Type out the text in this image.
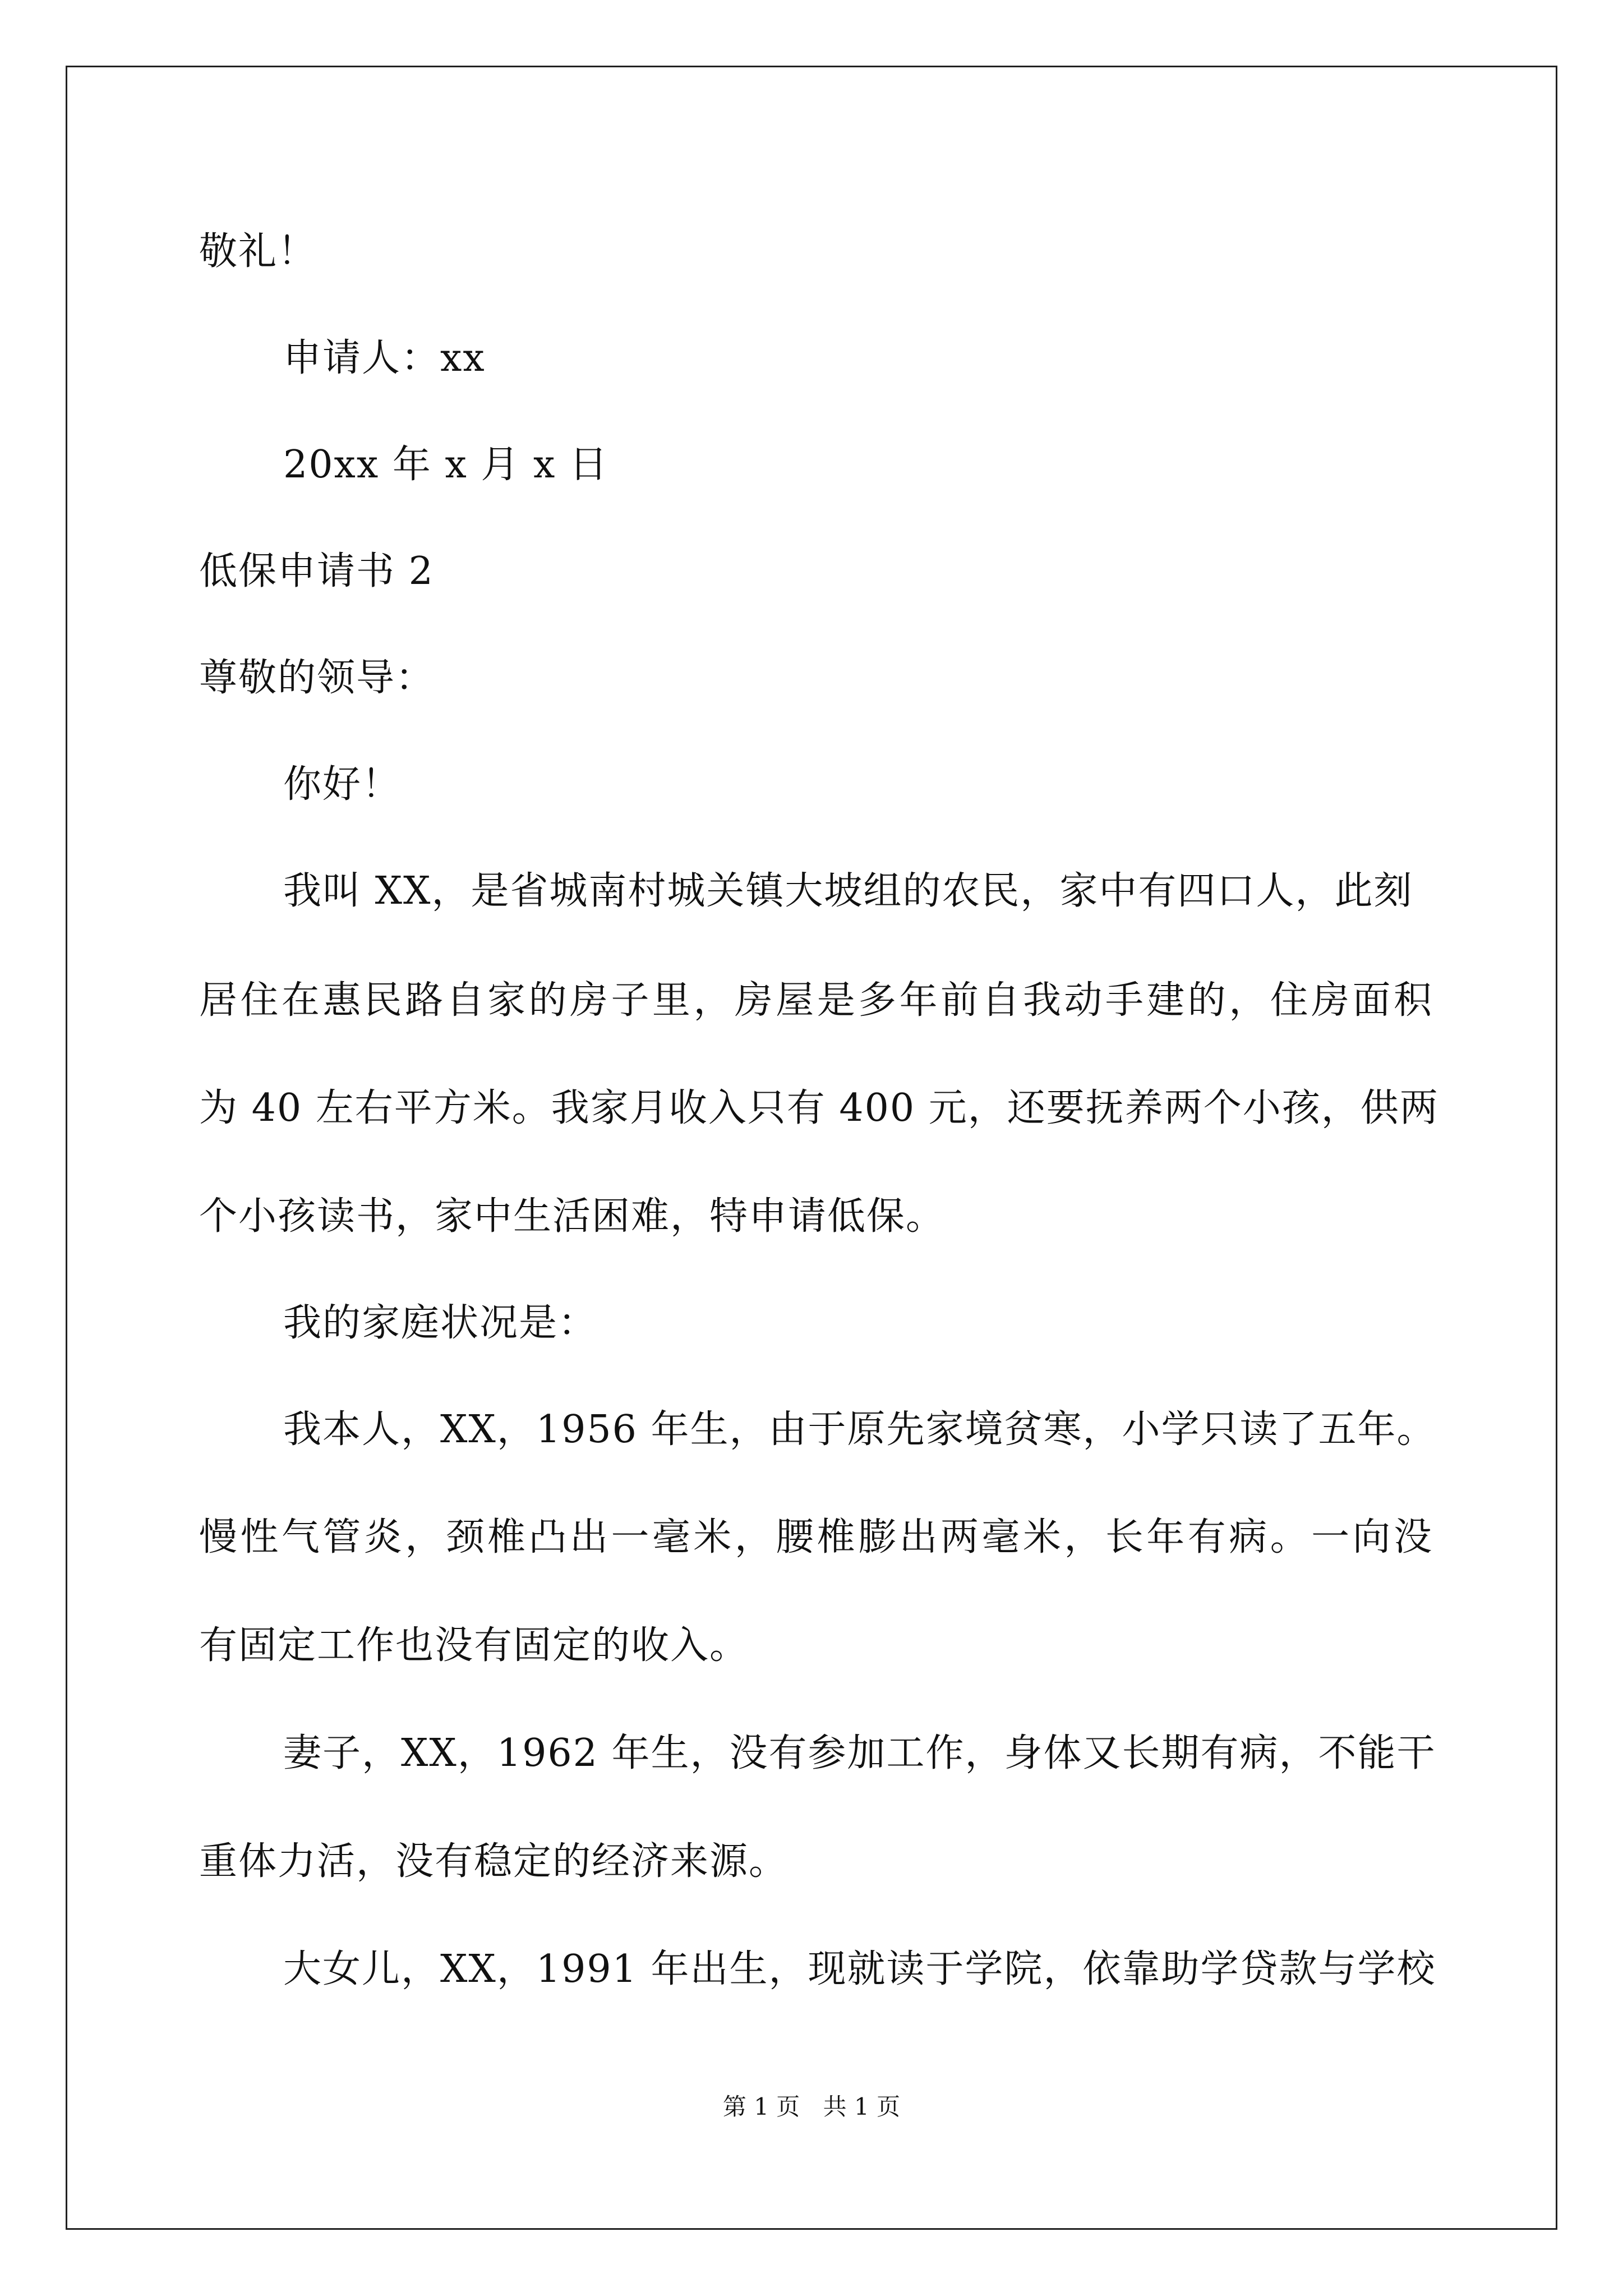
敬礼！
申请人：xx
20xx 年 x 月 x 日
低保申请书 2
尊敬的领导：
你好！
我叫 XX，是省城南村城关镇大坡组的农民，家中有四口人，此刻
居住在惠民路自家的房子里，房屋是多年前自我动手建的，住房面积
为 40 左右平方米。我家月收入只有 400 元，还要抚养两个小孩，供两
个小孩读书，家中生活困难，特申请低保。
我的家庭状况是：
我本人，XX，1956 年生，由于原先家境贫寒，小学只读了五年。
慢性气管炎，颈椎凸出一毫米，腰椎膨出两毫米，长年有病。一向没
有固定工作也没有固定的收入。
妻子，XX，1962 年生，没有参加工作，身体又长期有病，不能干
重体力活，没有稳定的经济来源。
大女儿，XX，1991 年出生，现就读于学院，依靠助学贷款与学校
第 1 页 共 1 页
